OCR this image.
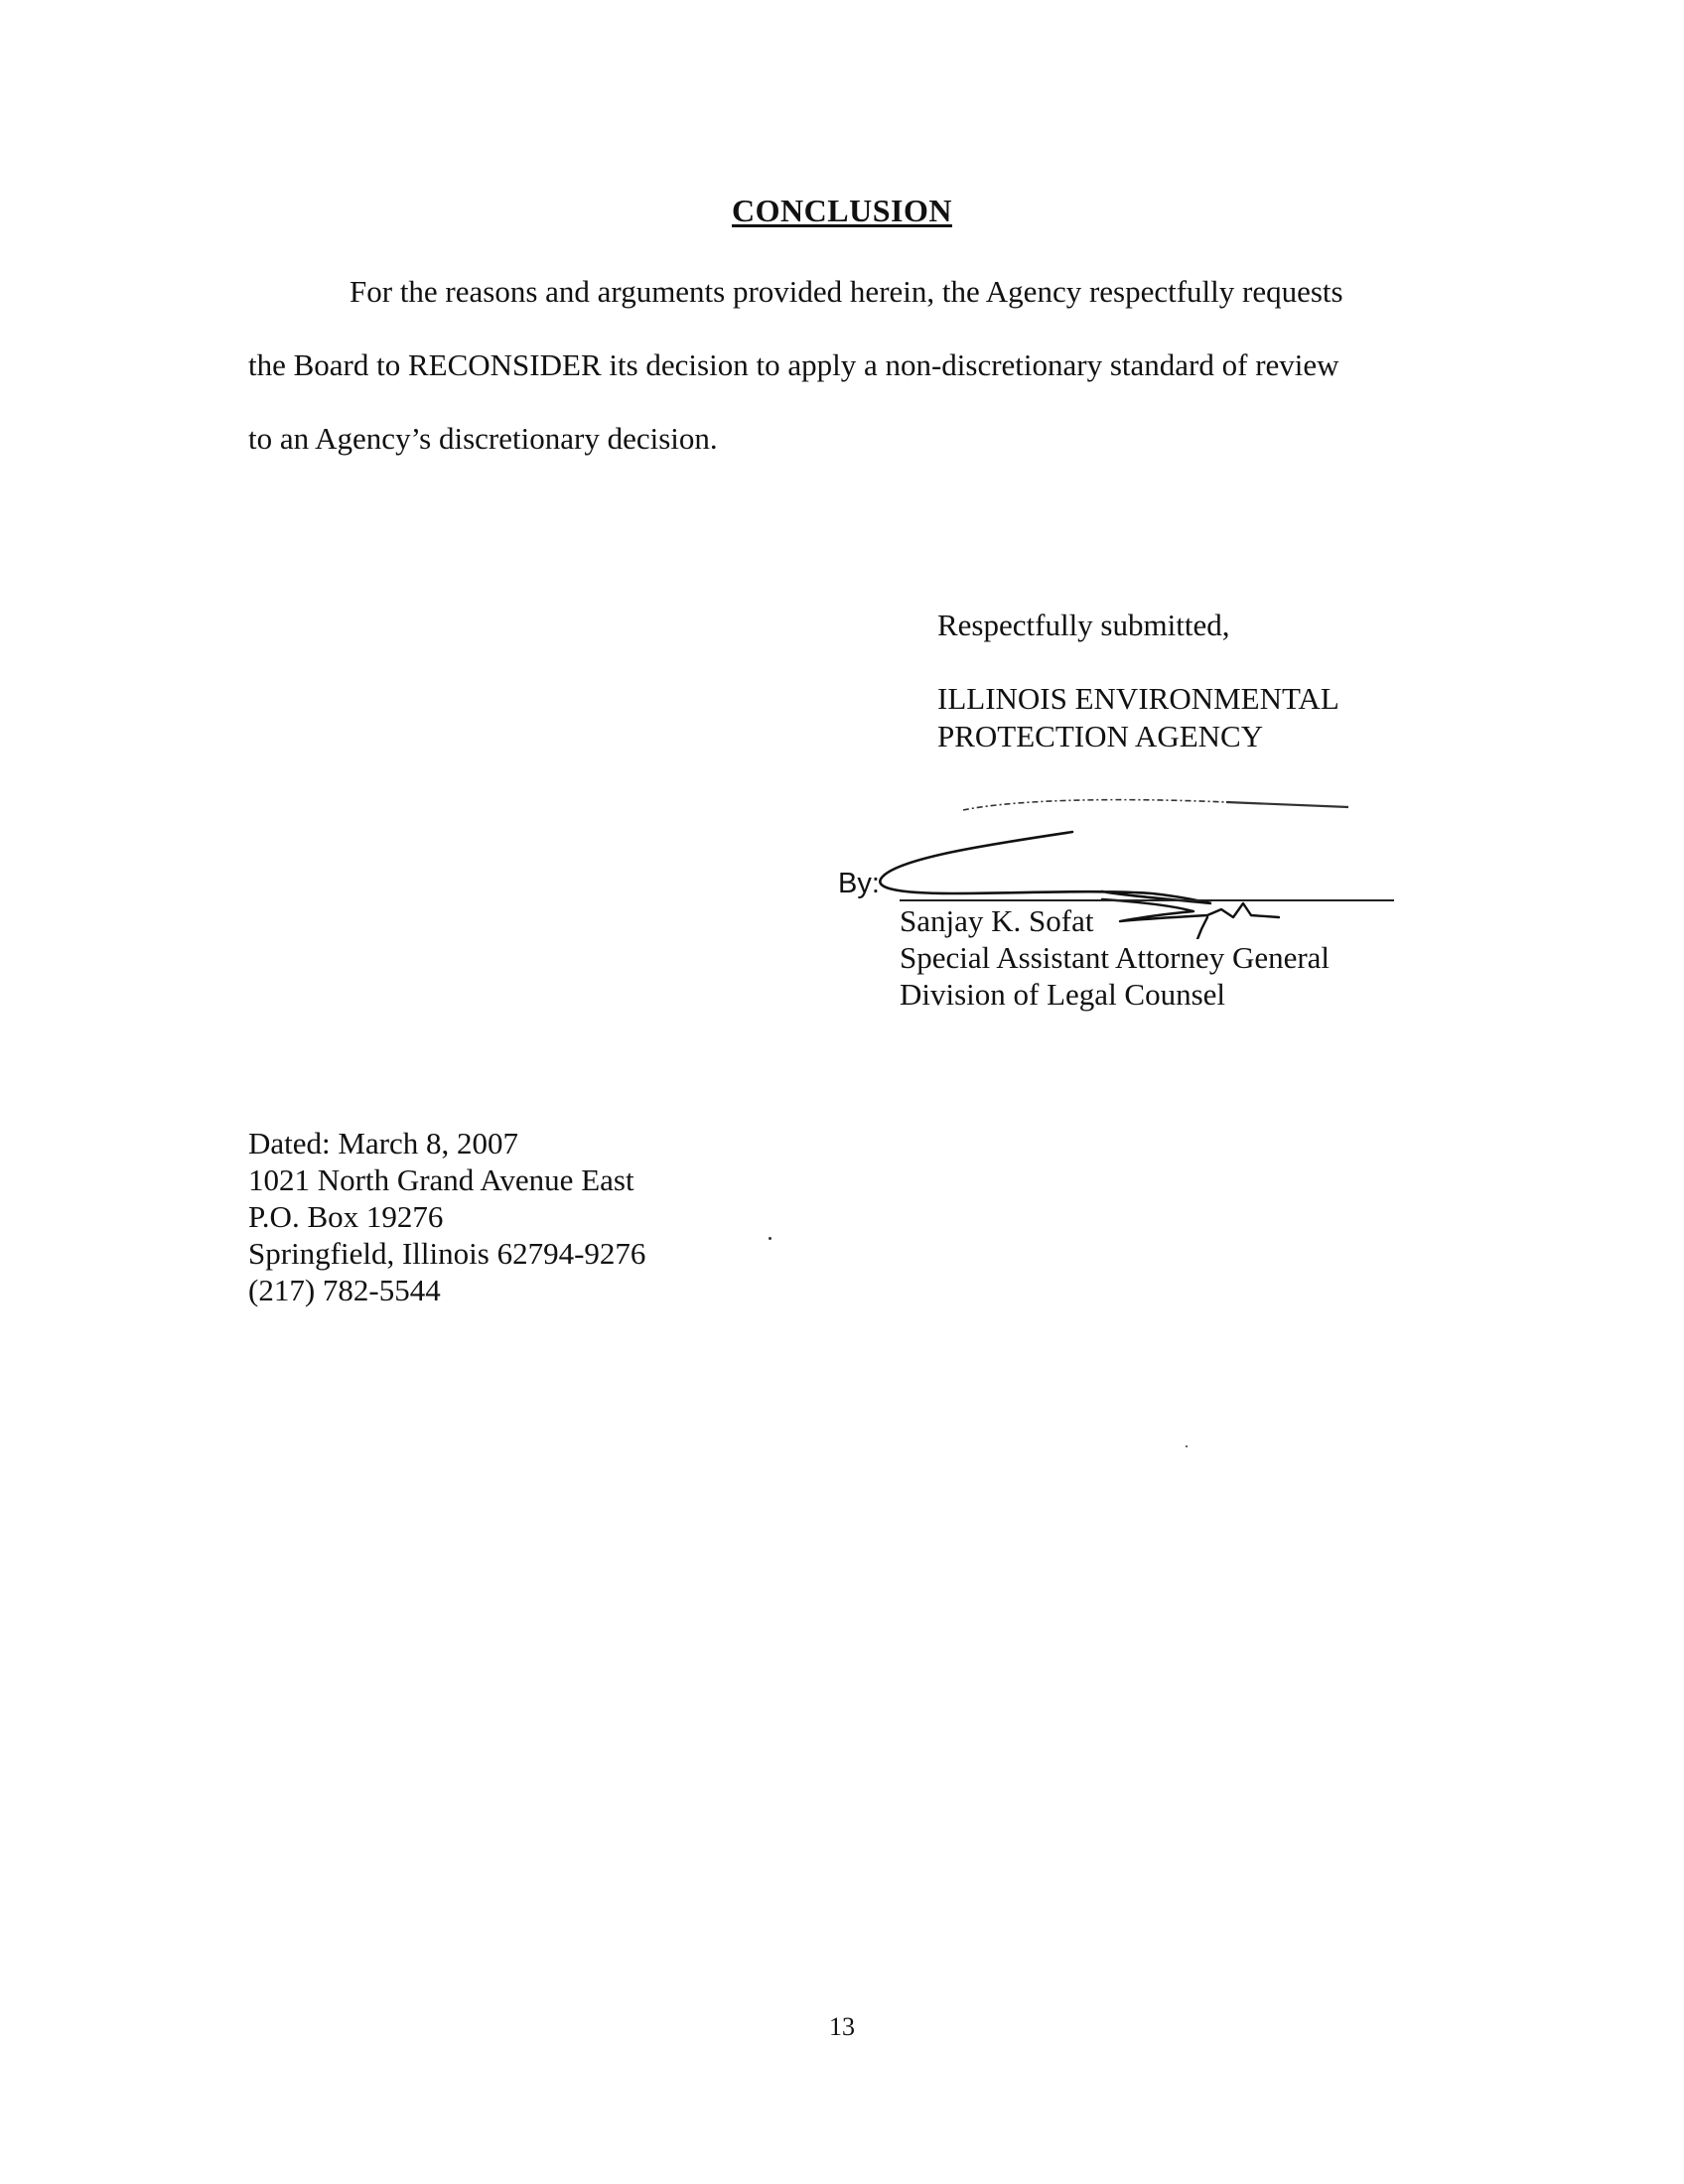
CONCLUSION
For the reasons and arguments provided herein, the Agency respectfully requests
the Board to RECONSIDER its decision to apply a non-discretionary standard of review
to an Agency’s discretionary decision.
Respectfully submitted,
ILLINOIS ENVIRONMENTAL
PROTECTION AGENCY
By:
Sanjay K. Sofat
Special Assistant Attorney General
Division of Legal Counsel
Dated: March 8, 2007
1021 North Grand Avenue East
P.O. Box 19276
Springfield, Illinois 62794-9276
(217) 782-5544
13
